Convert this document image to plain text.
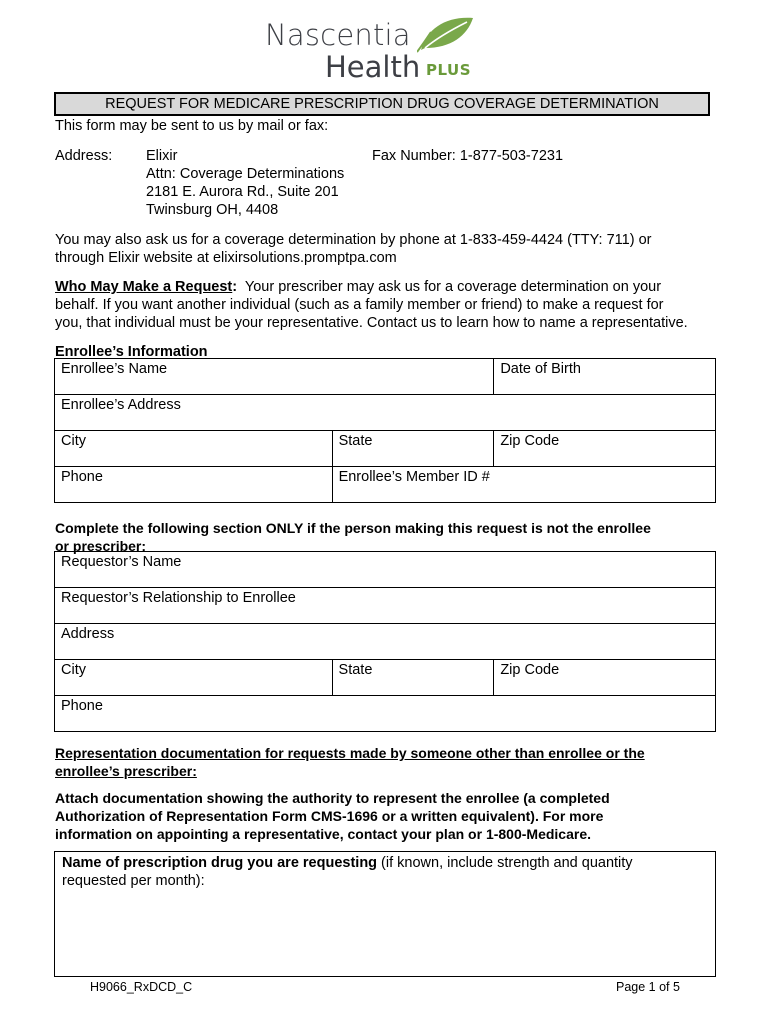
Nascentia
Health PLUS
REQUEST FOR MEDICARE PRESCRIPTION DRUG COVERAGE DETERMINATION
This form may be sent to us by mail or fax:
Address: Elixir
Attn: Coverage Determinations
2181 E. Aurora Rd., Suite 201
Twinsburg OH, 4408
Fax Number: 1-877-503-7231
You may also ask us for a coverage determination by phone at 1-833-459-4424 (TTY: 711) or
through Elixir website at elixirsolutions.promptpa.com
Who May Make a Request:  Your prescriber may ask us for a coverage determination on your
behalf. If you want another individual (such as a family member or friend) to make a request for
you, that individual must be your representative. Contact us to learn how to name a representative.
Enrollee’s Information
Enrollee’s Name		Date of Birth
Enrollee’s Address		
City	State	Zip Code
Phone	Enrollee’s Member ID #	
Complete the following section ONLY if the person making this request is not the enrollee
or prescriber:
Requestor’s Name
Requestor’s Relationship to Enrollee
Address
City	State	Zip Code
Phone
Representation documentation for requests made by someone other than enrollee or the
enrollee’s prescriber:
Attach documentation showing the authority to represent the enrollee (a completed
Authorization of Representation Form CMS-1696 or a written equivalent). For more
information on appointing a representative, contact your plan or 1-800-Medicare.
Name of prescription drug you are requesting (if known, include strength and quantity
requested per month):
H9066_RxDCD_C	Page 1 of 5
